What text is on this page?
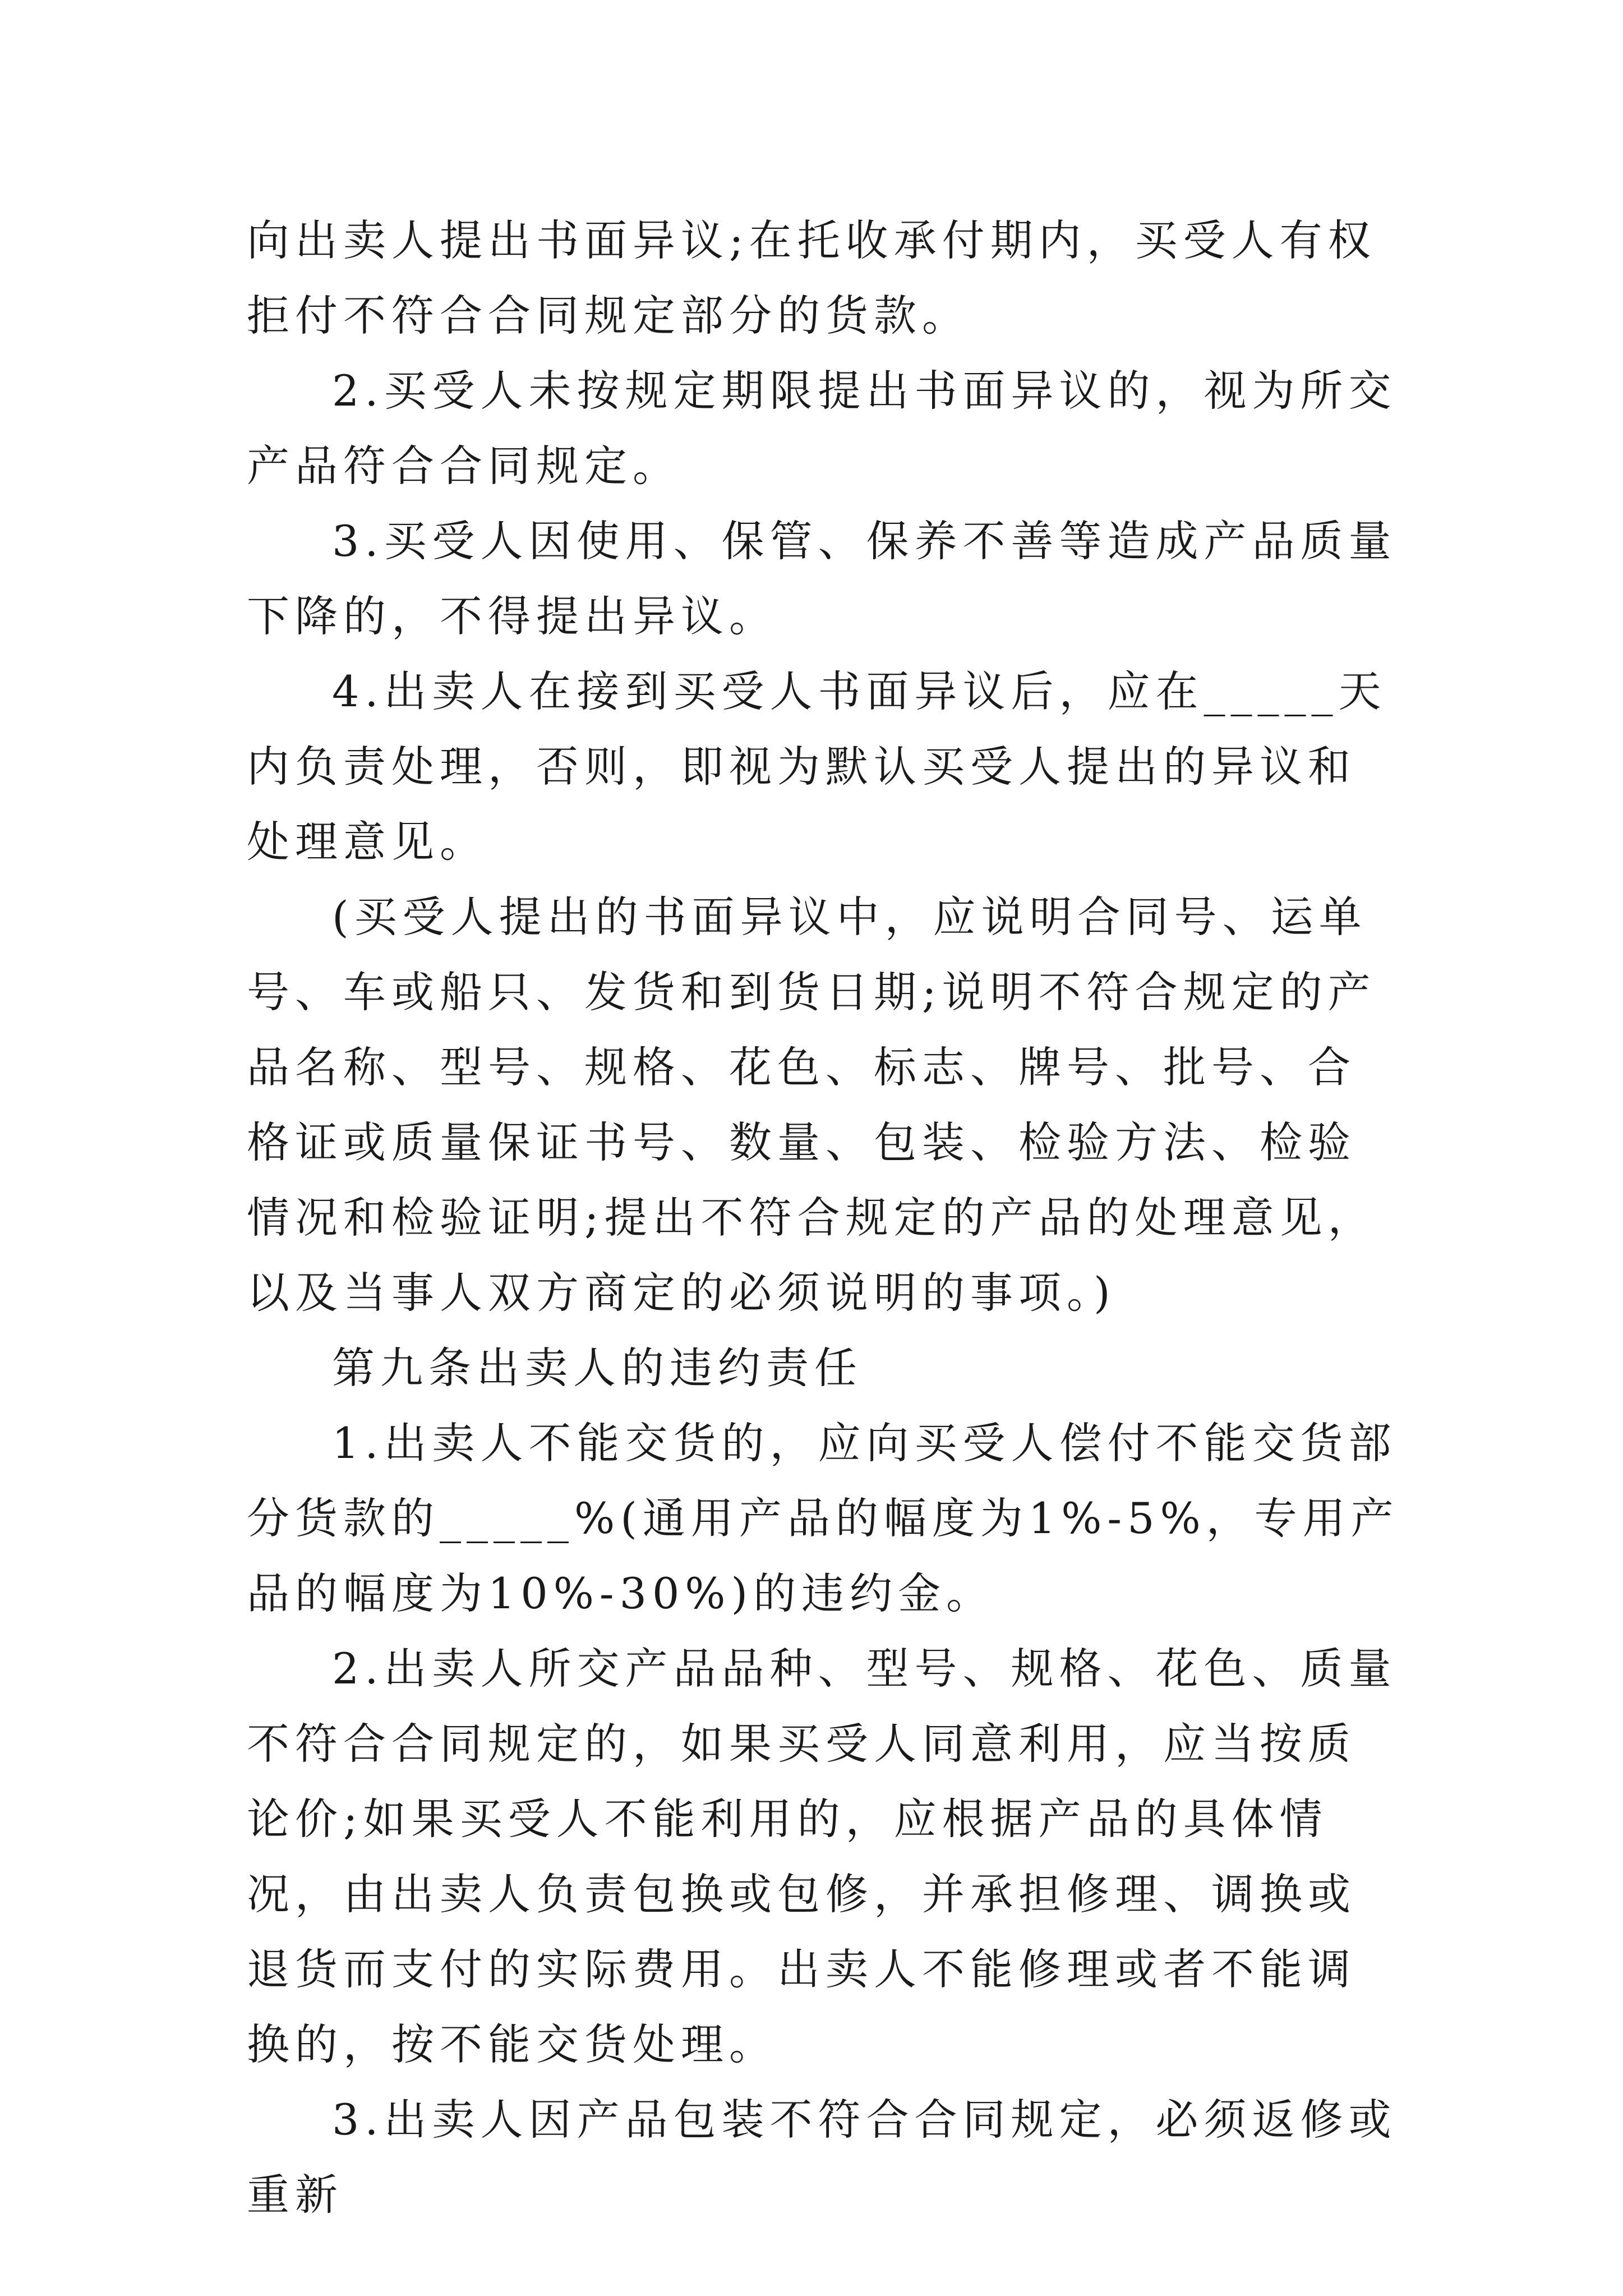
向出卖人提出书面异议;在托收承付期内，买受人有权拒付不符合合同规定部分的货款。

2.买受人未按规定期限提出书面异议的，视为所交产品符合合同规定。

3.买受人因使用、保管、保养不善等造成产品质量下降的，不得提出异议。

4.出卖人在接到买受人书面异议后，应在_____天内负责处理，否则，即视为默认买受人提出的异议和处理意见。

(买受人提出的书面异议中，应说明合同号、运单号、车或船只、发货和到货日期;说明不符合规定的产品名称、型号、规格、花色、标志、牌号、批号、合格证或质量保证书号、数量、包装、检验方法、检验情况和检验证明;提出不符合规定的产品的处理意见，以及当事人双方商定的必须说明的事项。)

第九条出卖人的违约责任

1.出卖人不能交货的，应向买受人偿付不能交货部分货款的_____%(通用产品的幅度为1%-5%，专用产品的幅度为10%-30%)的违约金。

2.出卖人所交产品品种、型号、规格、花色、质量不符合合同规定的，如果买受人同意利用，应当按质论价;如果买受人不能利用的，应根据产品的具体情况，由出卖人负责包换或包修，并承担修理、调换或退货而支付的实际费用。出卖人不能修理或者不能调换的，按不能交货处理。

3.出卖人因产品包装不符合合同规定，必须返修或重新
